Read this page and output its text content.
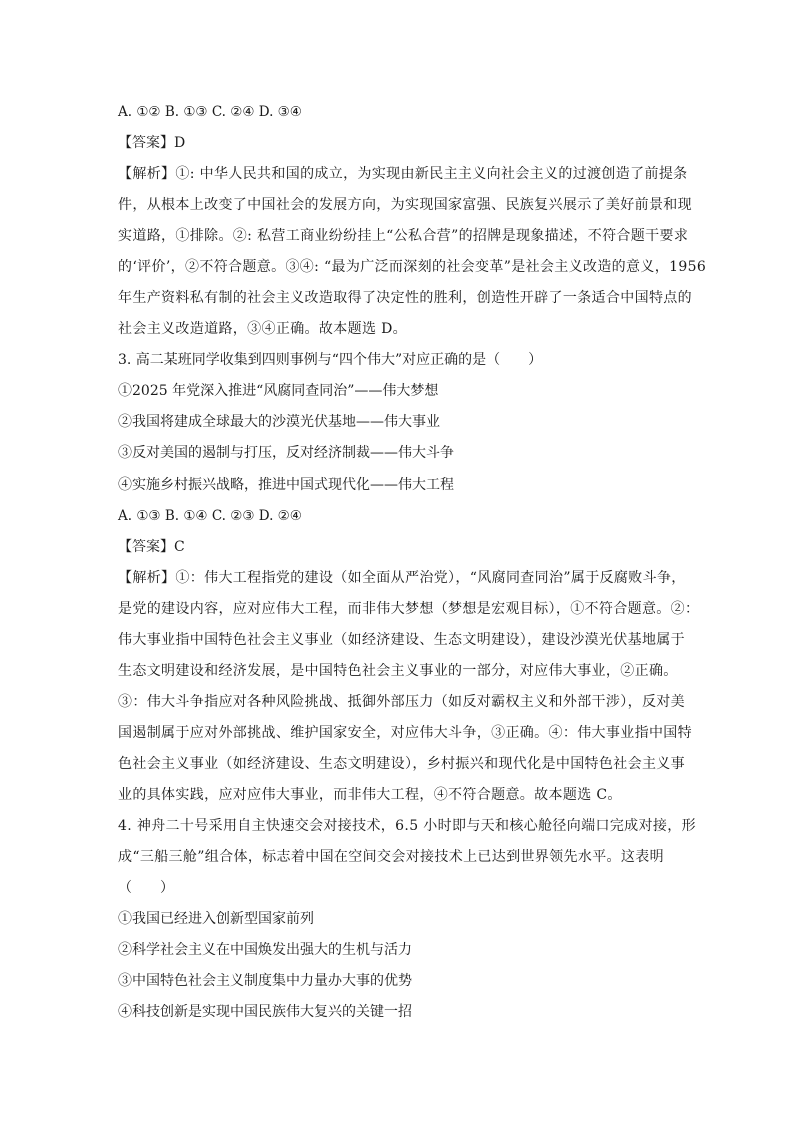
A. ①② B. ①③ C. ②④ D. ③④
【答案】D
【解析】①: 中华人民共和国的成立，为实现由新民主主义向社会主义的过渡创造了前提条
件，从根本上改变了中国社会的发展方向，为实现国家富强、民族复兴展示了美好前景和现
实道路，①排除。②: 私营工商业纷纷挂上“公私合营”的招牌是现象描述，不符合题干要求
的‘评价’，②不符合题意。③④: “最为广泛而深刻的社会变革”是社会主义改造的意义，1956
年生产资料私有制的社会主义改造取得了决定性的胜利，创造性开辟了一条适合中国特点的
社会主义改造道路，③④正确。故本题选 D。
3. 高二某班同学收集到四则事例与“四个伟大”对应正确的是（　　）
①2025 年党深入推进“风腐同查同治”——伟大梦想
②我国将建成全球最大的沙漠光伏基地——伟大事业
③反对美国的遏制与打压，反对经济制裁——伟大斗争
④实施乡村振兴战略，推进中国式现代化——伟大工程
A. ①③ B. ①④ C. ②③ D. ②④
【答案】C
【解析】①：伟大工程指党的建设（如全面从严治党），“风腐同查同治”属于反腐败斗争，
是党的建设内容，应对应伟大工程，而非伟大梦想（梦想是宏观目标），①不符合题意。②：
伟大事业指中国特色社会主义事业（如经济建设、生态文明建设），建设沙漠光伏基地属于
生态文明建设和经济发展，是中国特色社会主义事业的一部分，对应伟大事业，②正确。
③：伟大斗争指应对各种风险挑战、抵御外部压力（如反对霸权主义和外部干涉），反对美
国遏制属于应对外部挑战、维护国家安全，对应伟大斗争，③正确。④：伟大事业指中国特
色社会主义事业（如经济建设、生态文明建设），乡村振兴和现代化是中国特色社会主义事
业的具体实践，应对应伟大事业，而非伟大工程，④不符合题意。故本题选 C。
4. 神舟二十号采用自主快速交会对接技术，6.5 小时即与天和核心舱径向端口完成对接，形
成“三船三舱”组合体，标志着中国在空间交会对接技术上已达到世界领先水平。这表明
（　　）
①我国已经进入创新型国家前列
②科学社会主义在中国焕发出强大的生机与活力
③中国特色社会主义制度集中力量办大事的优势
④科技创新是实现中国民族伟大复兴的关键一招
